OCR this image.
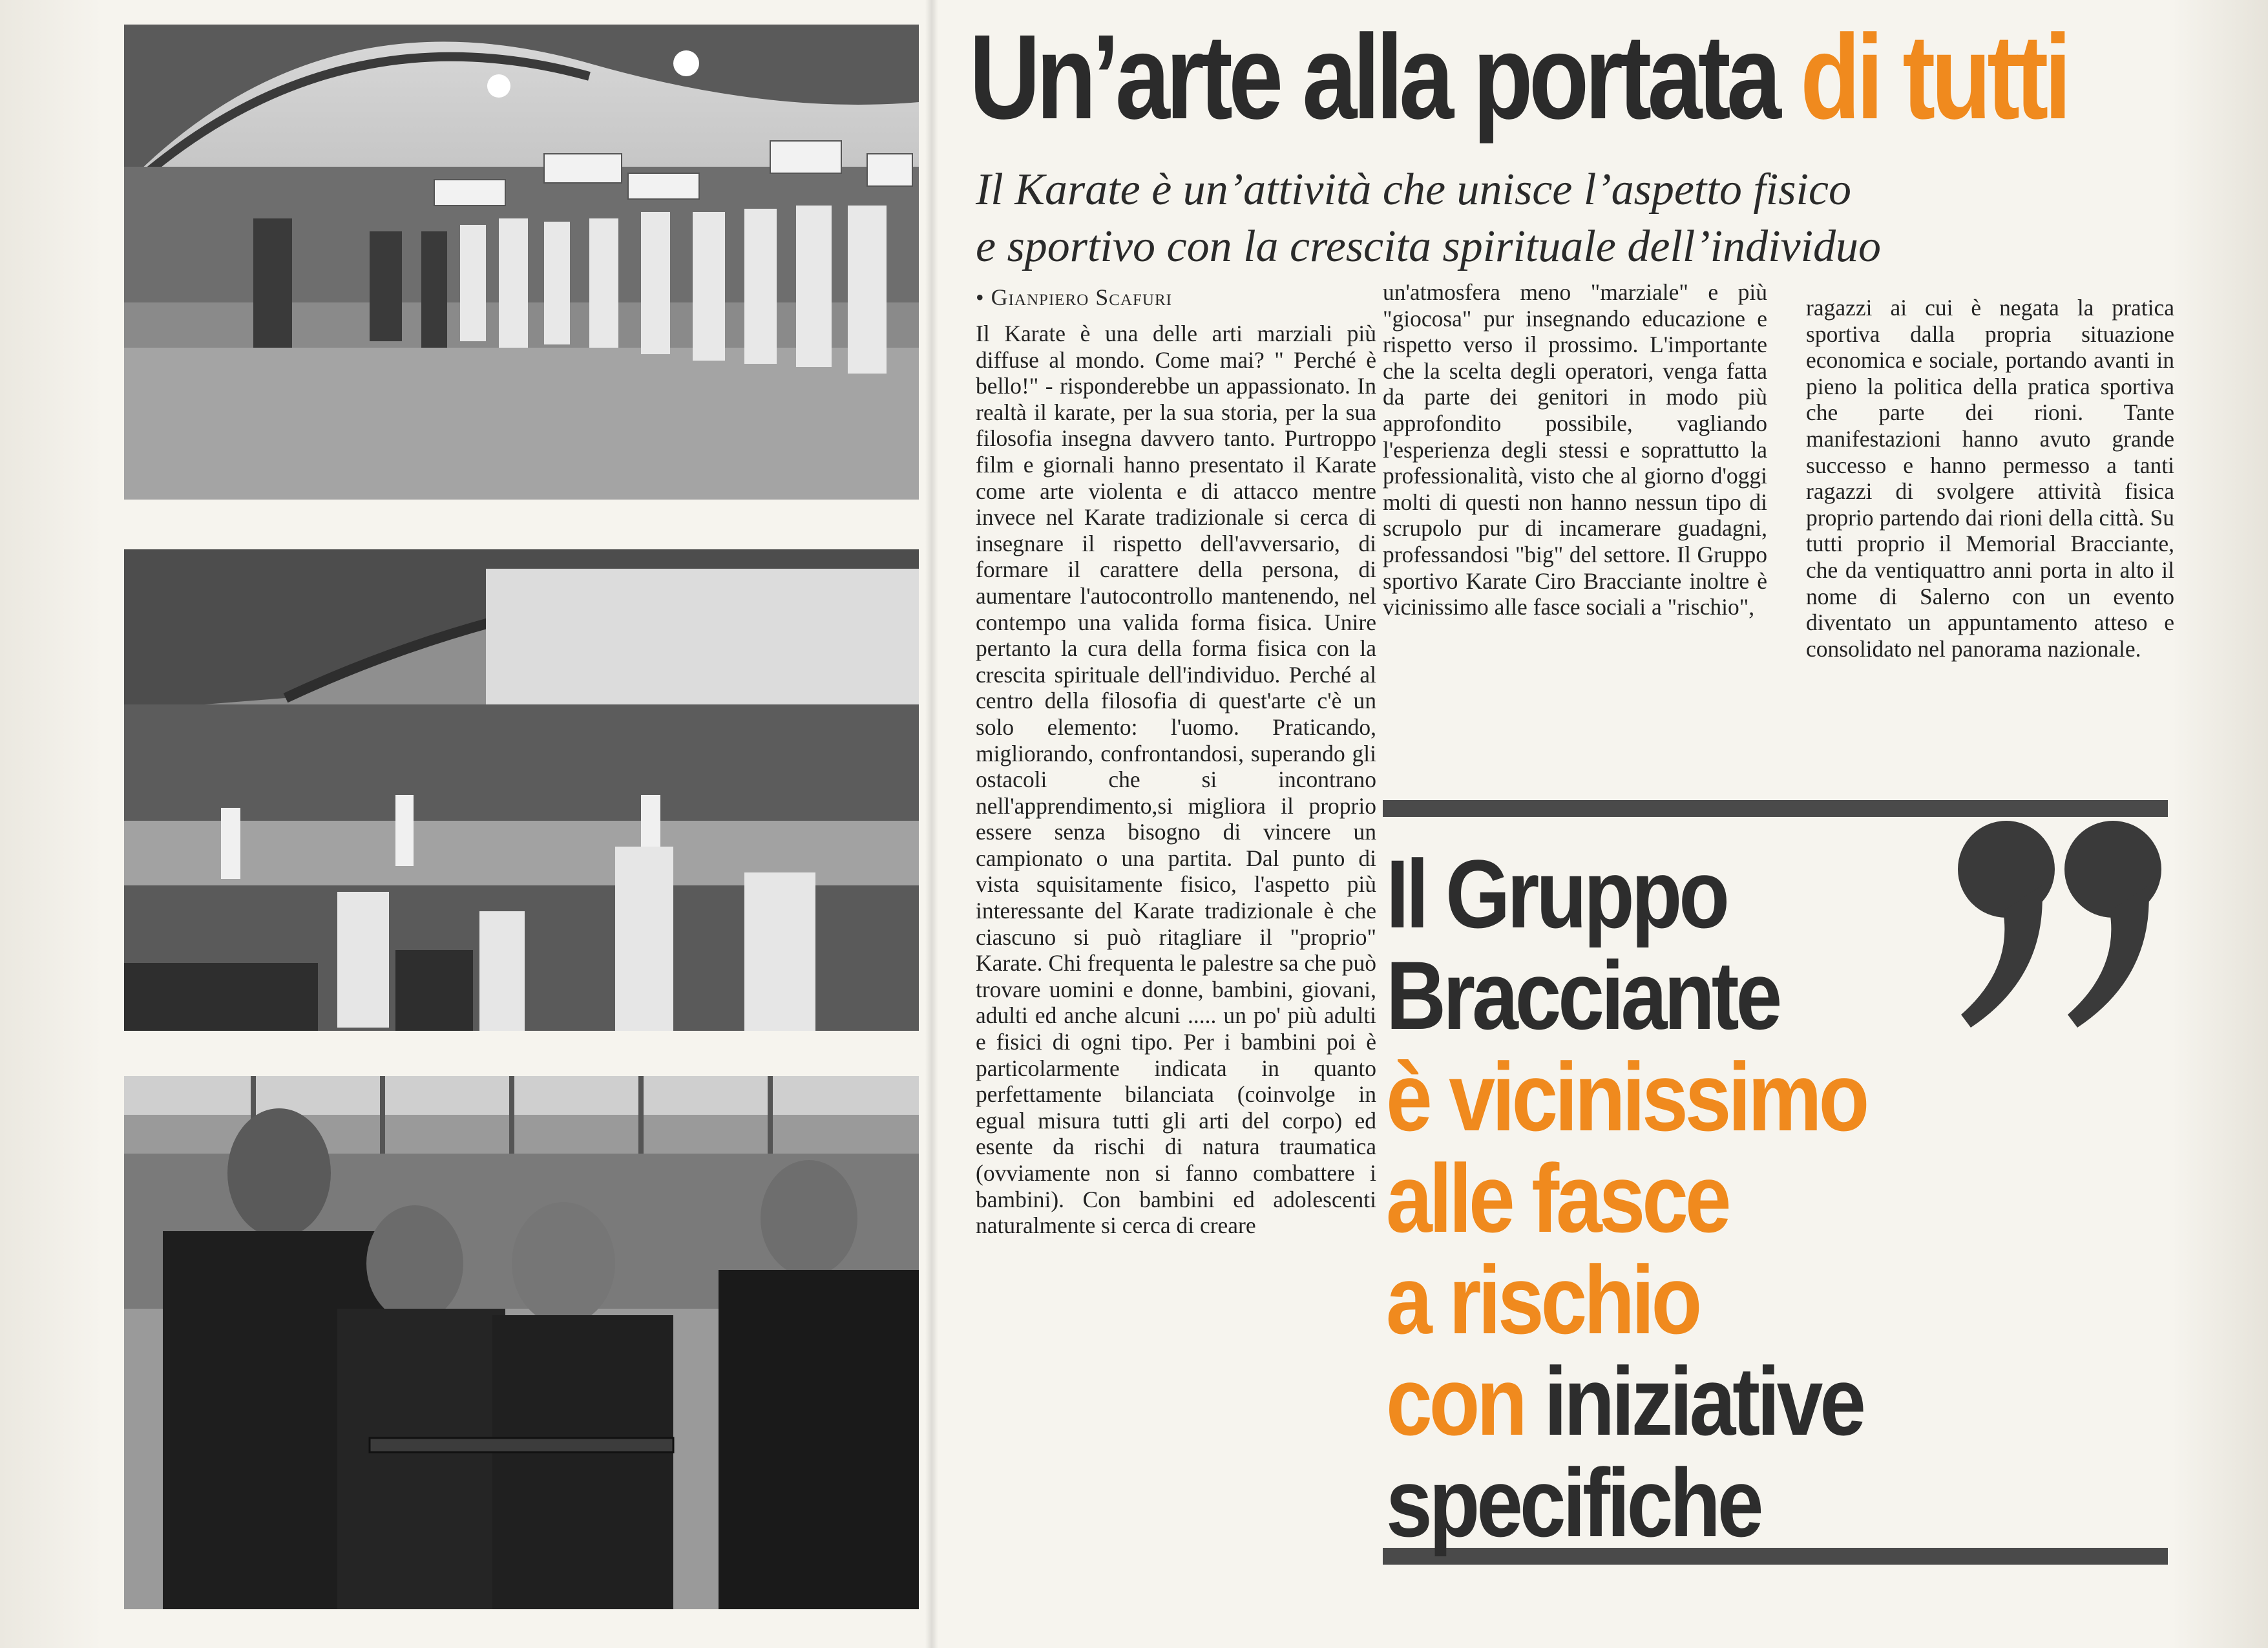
Un’arte alla portata di tutti
Il Karate è un’attività che unisce l’aspetto fisico
e sportivo con la crescita spirituale dell’individuo
• Gianpiero Scafuri

Il Karate è una delle arti marziali più diffuse al mondo. Come mai? " Perché è bello!" - risponderebbe un appassionato. In realtà il karate, per la sua storia, per la sua filosofia insegna davvero tanto. Purtroppo film e giornali hanno presentato il Karate come arte violenta e di attacco mentre invece nel Karate tradizionale si cerca di insegnare il rispetto dell'avversario, di formare il carattere della persona, di aumentare l'autocontrollo mantenendo, nel contempo una valida forma fisica. Unire pertanto la cura della forma fisica con la crescita spirituale dell'individuo. Perché al centro della filosofia di quest'arte c'è un solo elemento: l'uomo. Praticando, migliorando, confrontandosi, superando gli ostacoli che si incontrano nell'apprendimento,si migliora il proprio essere senza bisogno di vincere un campionato o una partita. Dal punto di vista squisitamente fisico, l'aspetto più interessante del Karate tradizionale è che ciascuno si può ritagliare il "proprio" Karate. Chi frequenta le palestre sa che può trovare uomini e donne, bambini, giovani, adulti ed anche alcuni ..... un po' più adulti e fisici di ogni tipo. Per i bambini poi è particolarmente indicata in quanto perfettamente bilanciata (coinvolge in egual misura tutti gli arti del corpo) ed esente da rischi di natura traumatica (ovviamente non si fanno combattere i bambini). Con bambini ed adolescenti naturalmente si cerca di creare

un'atmosfera meno "marziale" e più "giocosa" pur insegnando educazione e rispetto verso il prossimo. L'importante che la scelta degli operatori, venga fatta da parte dei genitori in modo più approfondito possibile, vagliando l'esperienza degli stessi e soprattutto la professionalità, visto che al giorno d'oggi molti di questi non hanno nessun tipo di scrupolo pur di incamerare guadagni, professandosi "big" del settore. Il Gruppo sportivo Karate Ciro Bracciante inoltre è vicinissimo alle fasce sociali a "rischio",

ragazzi ai cui è negata la pratica sportiva dalla propria situazione economica e sociale, portando avanti in pieno la politica della pratica sportiva che parte dei rioni. Tante manifestazioni hanno avuto grande successo e hanno permesso a tanti ragazzi di svolgere attività fisica proprio partendo dai rioni della città. Su tutti proprio il Memorial Bracciante, che da ventiquattro anni porta in alto il nome di Salerno con un evento diventato un appuntamento atteso e consolidato nel panorama nazionale.

Il Gruppo
Bracciante
è vicinissimo
alle fasce
a rischio
con iniziative
specifiche
